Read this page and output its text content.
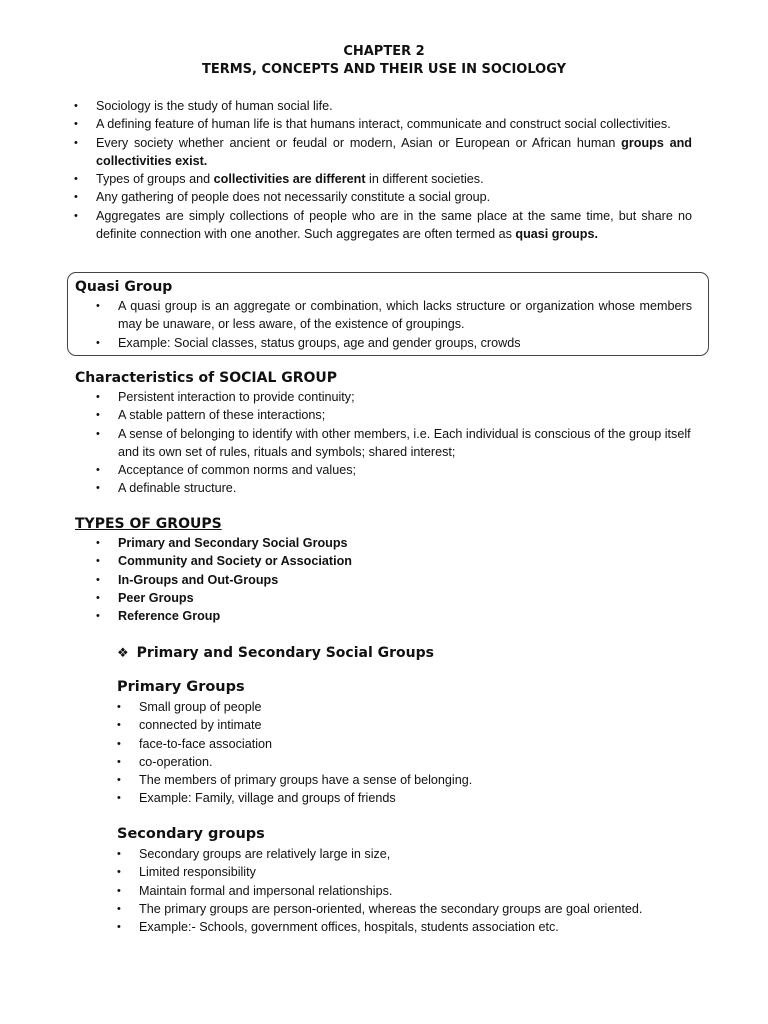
CHAPTER 2
TERMS, CONCEPTS AND THEIR USE IN SOCIOLOGY
• Sociology is the study of human social life.
• A defining feature of human life is that humans interact, communicate and construct social collectivities.
• Every society whether ancient or feudal or modern, Asian or European or African human groups and collectivities exist.
• Types of groups and collectivities are different in different societies.
• Any gathering of people does not necessarily constitute a social group.
• Aggregates are simply collections of people who are in the same place at the same time, but share no definite connection with one another. Such aggregates are often termed as quasi groups.
Quasi Group
• A quasi group is an aggregate or combination, which lacks structure or organization whose members may be unaware, or less aware, of the existence of groupings.
• Example: Social classes, status groups, age and gender groups, crowds
Characteristics of SOCIAL GROUP
• Persistent interaction to provide continuity;
• A stable pattern of these interactions;
• A sense of belonging to identify with other members, i.e. Each individual is conscious of the group itself and its own set of rules, rituals and symbols; shared interest;
• Acceptance of common norms and values;
• A definable structure.
TYPES OF GROUPS
• Primary and Secondary Social Groups
• Community and Society or Association
• In-Groups and Out-Groups
• Peer Groups
• Reference Group
❖ Primary and Secondary Social Groups
Primary Groups
• Small group of people
• connected by intimate
• face-to-face association
• co-operation.
• The members of primary groups have a sense of belonging.
• Example: Family, village and groups of friends
Secondary groups
• Secondary groups are relatively large in size,
• Limited responsibility
• Maintain formal and impersonal relationships.
• The primary groups are person-oriented, whereas the secondary groups are goal oriented.
• Example:- Schools, government offices, hospitals, students association etc.
